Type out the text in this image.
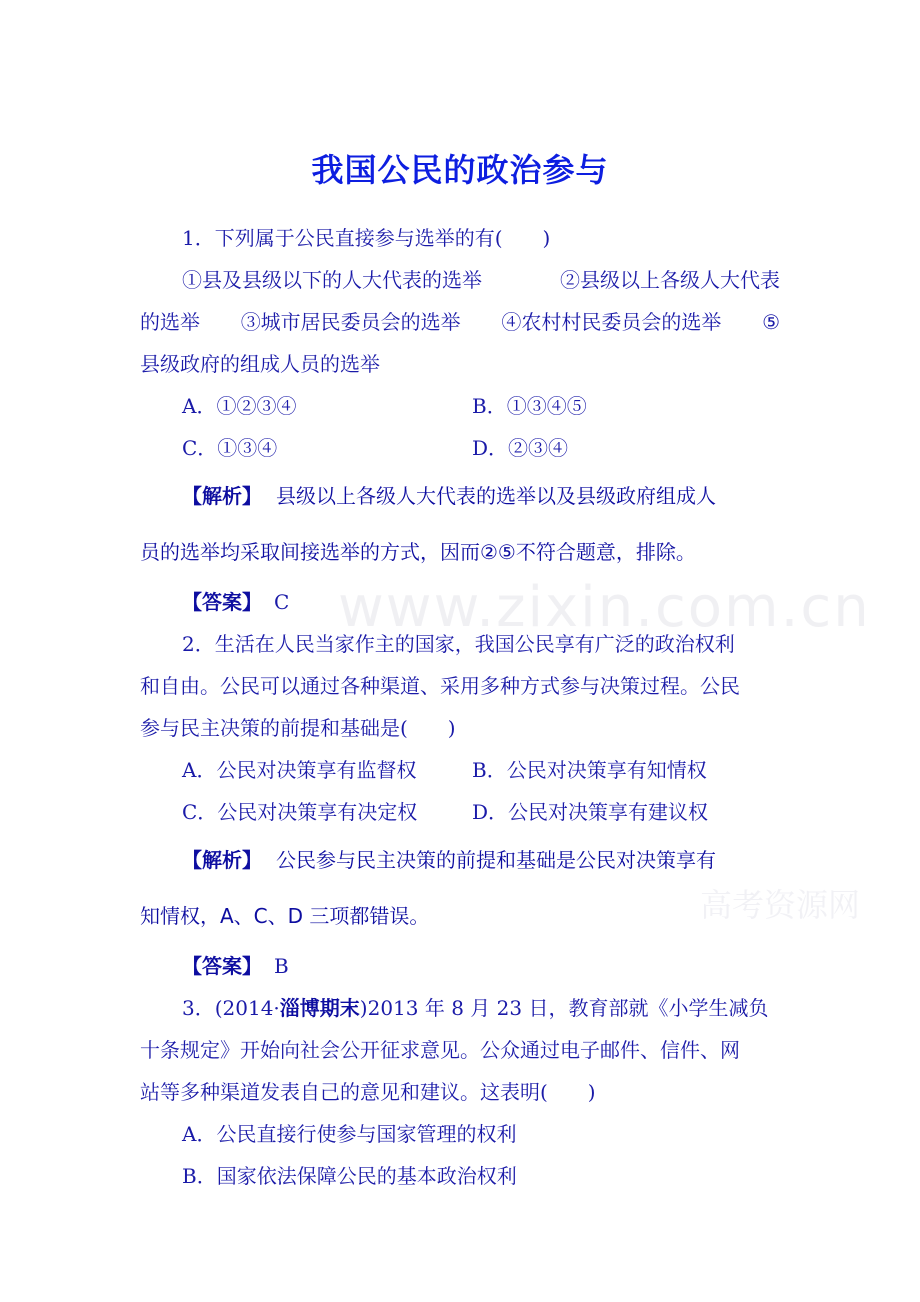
www.zixin.com.cn
高考资源网
我国公民的政治参与
1．下列属于公民直接参与选举的有(　　)
①县及县级以下的人大代表的选举	②县级以上各级人大代表
的选举 ③城市居民委员会的选举 ④农村村民委员会的选举 ⑤
县级政府的组成人员的选举
A．①②③④	B．①③④⑤
C．①③④	D．②③④
【解析】 县级以上各级人大代表的选举以及县级政府组成人
员的选举均采取间接选举的方式，因而②⑤不符合题意，排除。
【答案】 C
2．生活在人民当家作主的国家，我国公民享有广泛的政治权利
和自由。公民可以通过各种渠道、采用多种方式参与决策过程。公民
参与民主决策的前提和基础是(　　)
A．公民对决策享有监督权	B．公民对决策享有知情权
C．公民对决策享有决定权	D．公民对决策享有建议权
【解析】 公民参与民主决策的前提和基础是公民对决策享有
知情权，A、C、D 三项都错误。
【答案】 B
3．(2014·淄博期末)2013 年 8 月 23 日，教育部就《小学生减负
十条规定》开始向社会公开征求意见。公众通过电子邮件、信件、网
站等多种渠道发表自己的意见和建议。这表明(　　)
A．公民直接行使参与国家管理的权利
B．国家依法保障公民的基本政治权利
